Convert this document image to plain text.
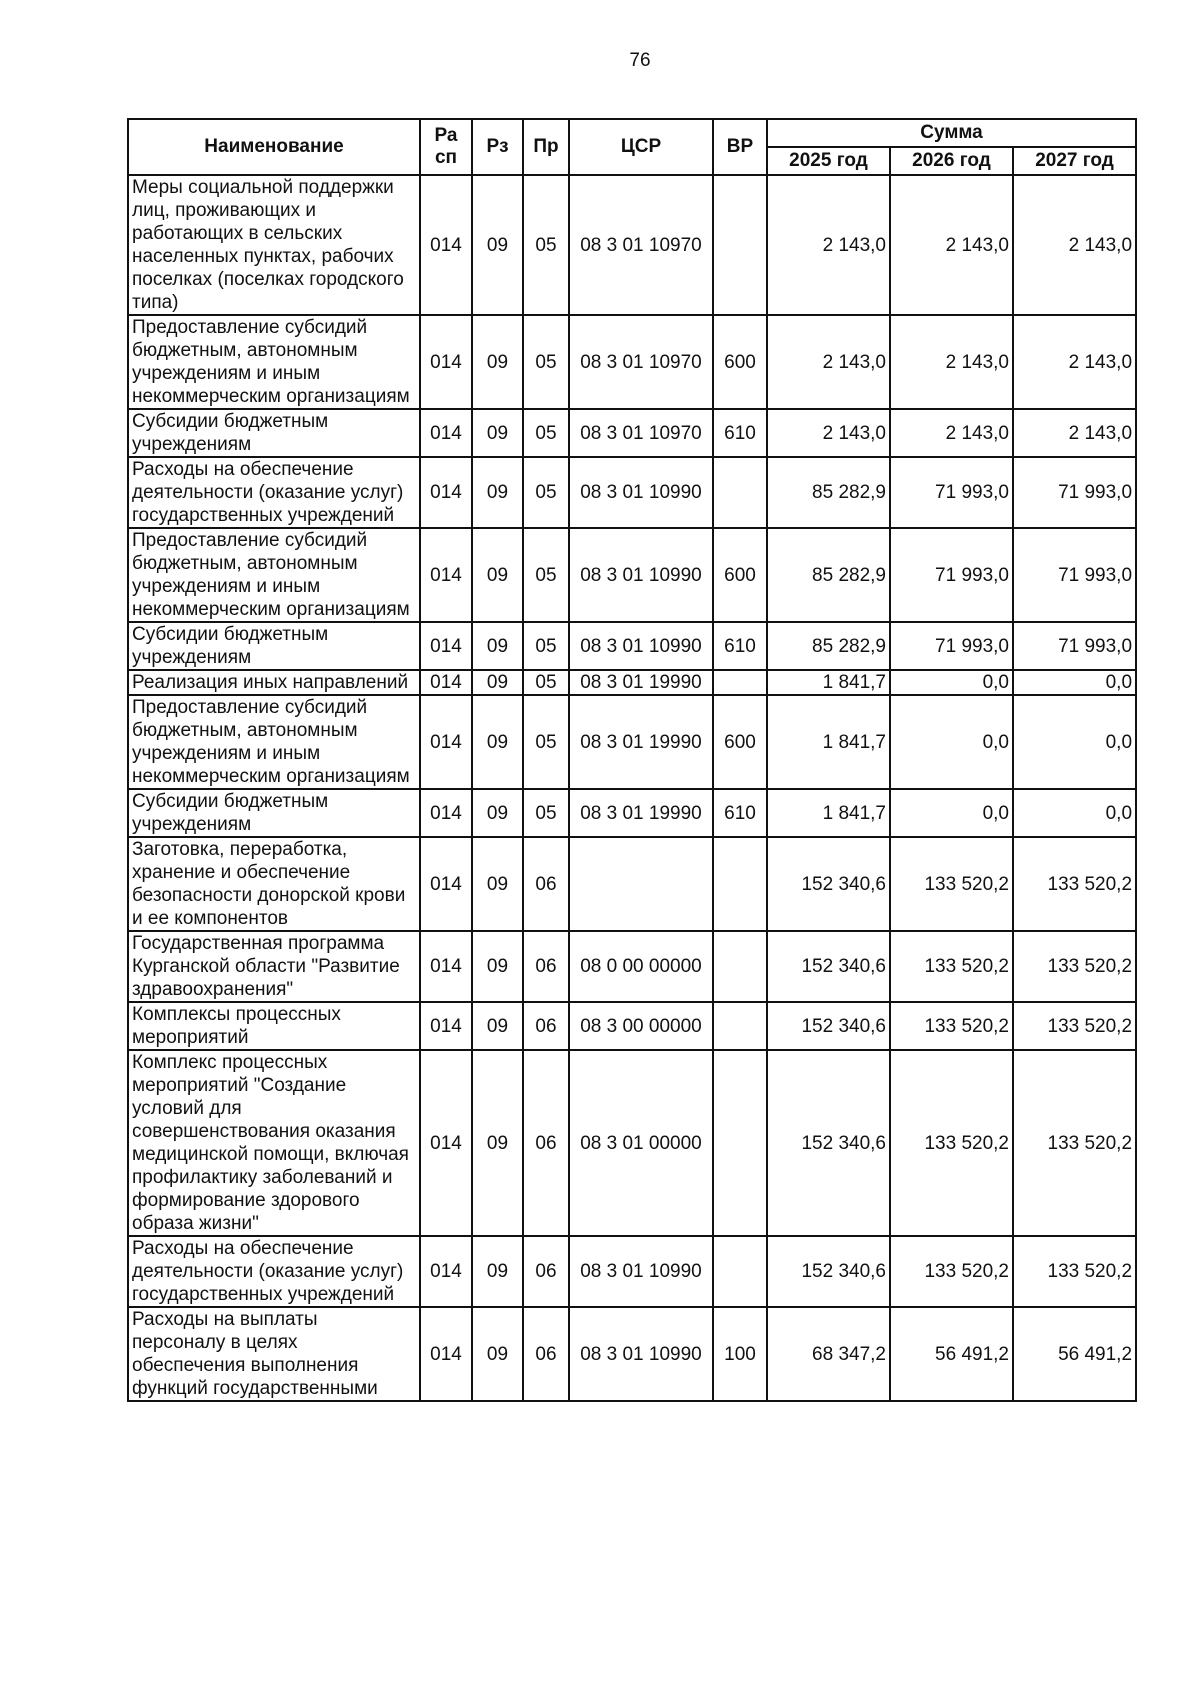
76
Наименование	Ра сп	Рз	Пр	ЦСР	ВР	Сумма		
						2025 год	2026 год	2027 год
Меры социальной поддержки лиц, проживающих и работающих в сельских населенных пунктах, рабочих поселках (поселках городского типа)	014	09	05	08 3 01 10970		2 143,0	2 143,0	2 143,0
Предоставление субсидий бюджетным, автономным учреждениям и иным некоммерческим организациям	014	09	05	08 3 01 10970	600	2 143,0	2 143,0	2 143,0
Субсидии бюджетным учреждениям	014	09	05	08 3 01 10970	610	2 143,0	2 143,0	2 143,0
Расходы на обеспечение деятельности (оказание услуг) государственных учреждений	014	09	05	08 3 01 10990		85 282,9	71 993,0	71 993,0
Предоставление субсидий бюджетным, автономным учреждениям и иным некоммерческим организациям	014	09	05	08 3 01 10990	600	85 282,9	71 993,0	71 993,0
Субсидии бюджетным учреждениям	014	09	05	08 3 01 10990	610	85 282,9	71 993,0	71 993,0
Реализация иных направлений	014	09	05	08 3 01 19990		1 841,7	0,0	0,0
Предоставление субсидий бюджетным, автономным учреждениям и иным некоммерческим организациям	014	09	05	08 3 01 19990	600	1 841,7	0,0	0,0
Субсидии бюджетным учреждениям	014	09	05	08 3 01 19990	610	1 841,7	0,0	0,0
Заготовка, переработка, хранение и обеспечение безопасности донорской крови и ее компонентов	014	09	06			152 340,6	133 520,2	133 520,2
Государственная программа Курганской области "Развитие здравоохранения"	014	09	06	08 0 00 00000		152 340,6	133 520,2	133 520,2
Комплексы процессных мероприятий	014	09	06	08 3 00 00000		152 340,6	133 520,2	133 520,2
Комплекс процессных мероприятий "Создание условий для совершенствования оказания медицинской помощи, включая профилактику заболеваний и формирование здорового образа жизни"	014	09	06	08 3 01 00000		152 340,6	133 520,2	133 520,2
Расходы на обеспечение деятельности (оказание услуг) государственных учреждений	014	09	06	08 3 01 10990		152 340,6	133 520,2	133 520,2
Расходы на выплаты персоналу в целях обеспечения выполнения функций государственными	014	09	06	08 3 01 10990	100	68 347,2	56 491,2	56 491,2
